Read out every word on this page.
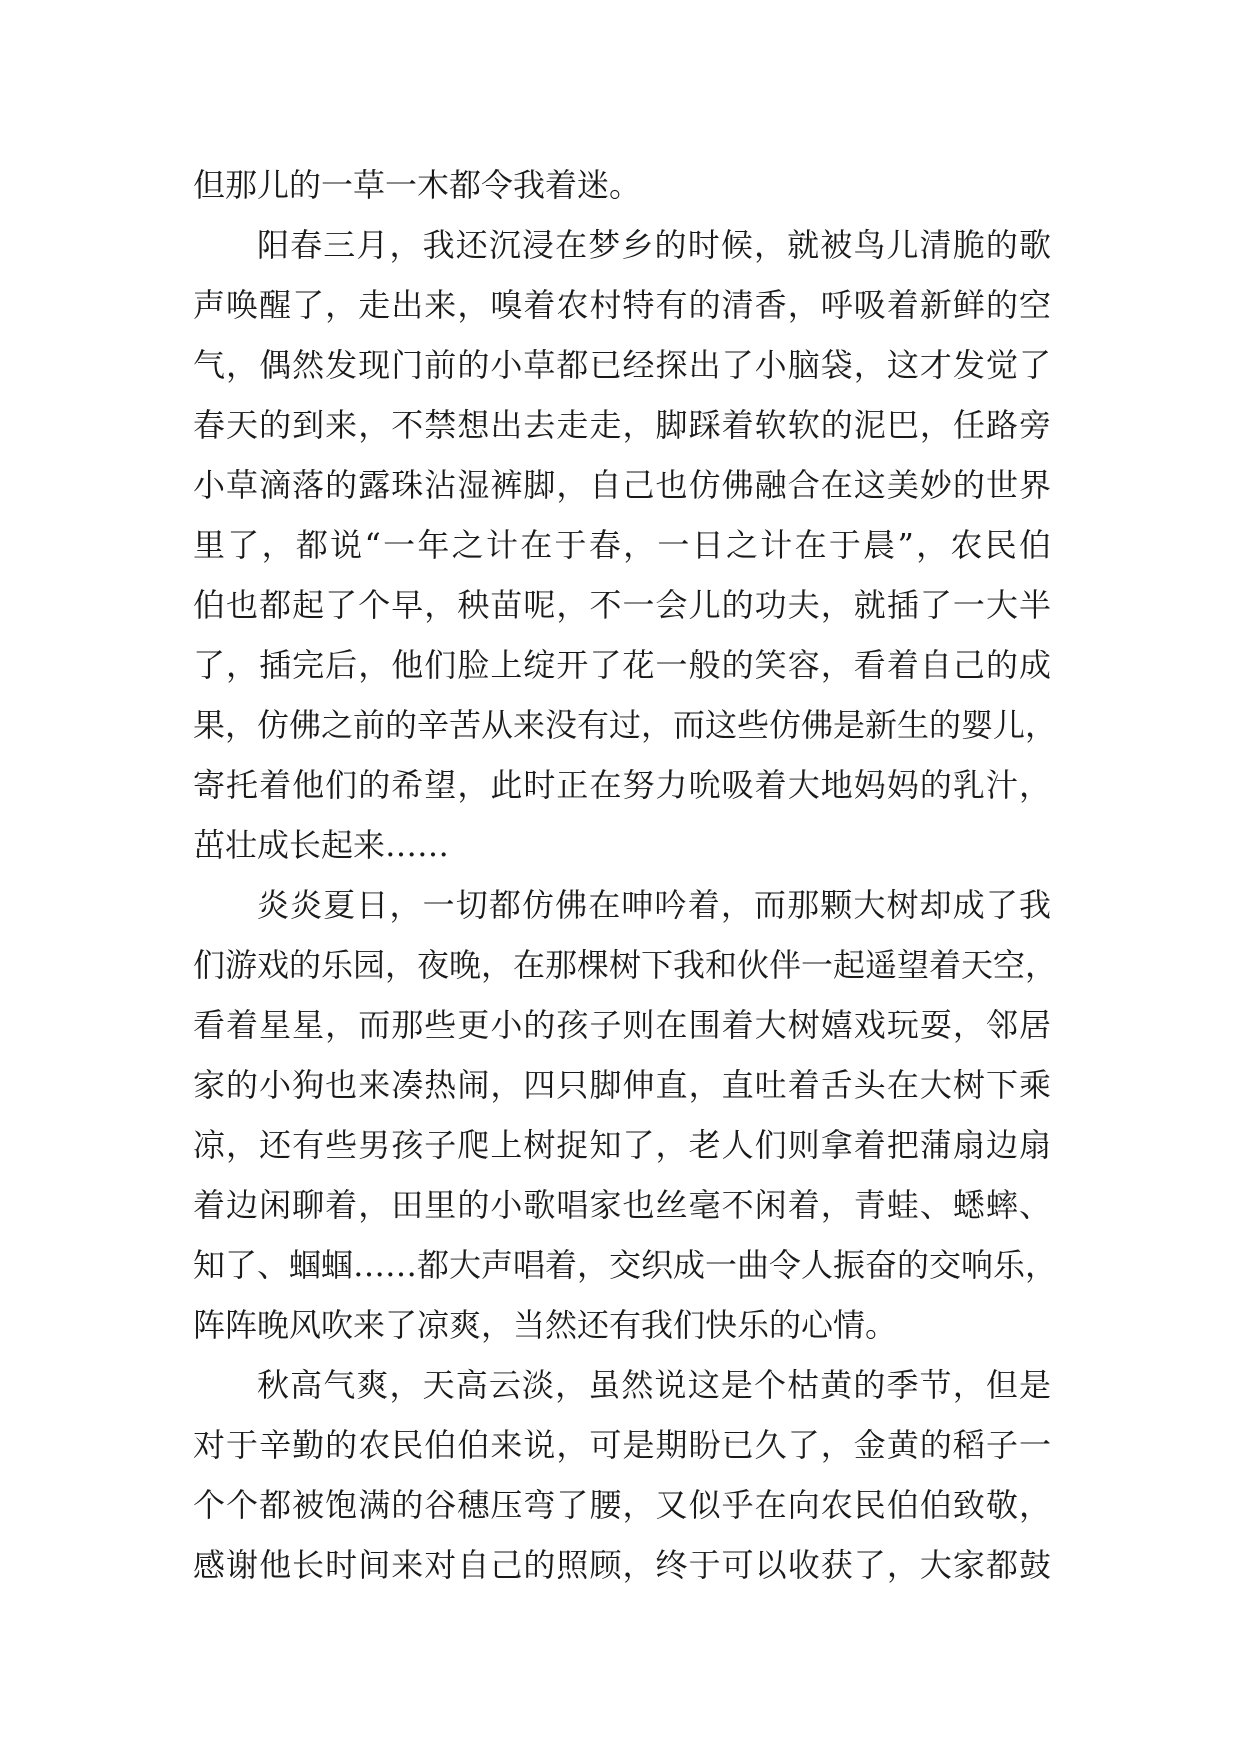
但那儿的一草一木都令我着迷。
阳春三月，我还沉浸在梦乡的时候，就被鸟儿清脆的歌
声唤醒了，走出来，嗅着农村特有的清香，呼吸着新鲜的空
气，偶然发现门前的小草都已经探出了小脑袋，这才发觉了
春天的到来，不禁想出去走走，脚踩着软软的泥巴，任路旁
小草滴落的露珠沾湿裤脚，自己也仿佛融合在这美妙的世界
里了，都说“一年之计在于春，一日之计在于晨”，农民伯
伯也都起了个早，秧苗呢，不一会儿的功夫，就插了一大半
了，插完后，他们脸上绽开了花一般的笑容，看着自己的成
果，仿佛之前的辛苦从来没有过，而这些仿佛是新生的婴儿，
寄托着他们的希望，此时正在努力吮吸着大地妈妈的乳汁，
茁壮成长起来……
炎炎夏日，一切都仿佛在呻吟着，而那颗大树却成了我
们游戏的乐园，夜晚，在那棵树下我和伙伴一起遥望着天空，
看着星星，而那些更小的孩子则在围着大树嬉戏玩耍，邻居
家的小狗也来凑热闹，四只脚伸直，直吐着舌头在大树下乘
凉，还有些男孩子爬上树捉知了，老人们则拿着把蒲扇边扇
着边闲聊着，田里的小歌唱家也丝毫不闲着，青蛙、蟋蟀、
知了、蝈蝈……都大声唱着，交织成一曲令人振奋的交响乐，
阵阵晚风吹来了凉爽，当然还有我们快乐的心情。
秋高气爽，天高云淡，虽然说这是个枯黄的季节，但是
对于辛勤的农民伯伯来说，可是期盼已久了，金黄的稻子一
个个都被饱满的谷穗压弯了腰，又似乎在向农民伯伯致敬，
感谢他长时间来对自己的照顾，终于可以收获了，大家都鼓
